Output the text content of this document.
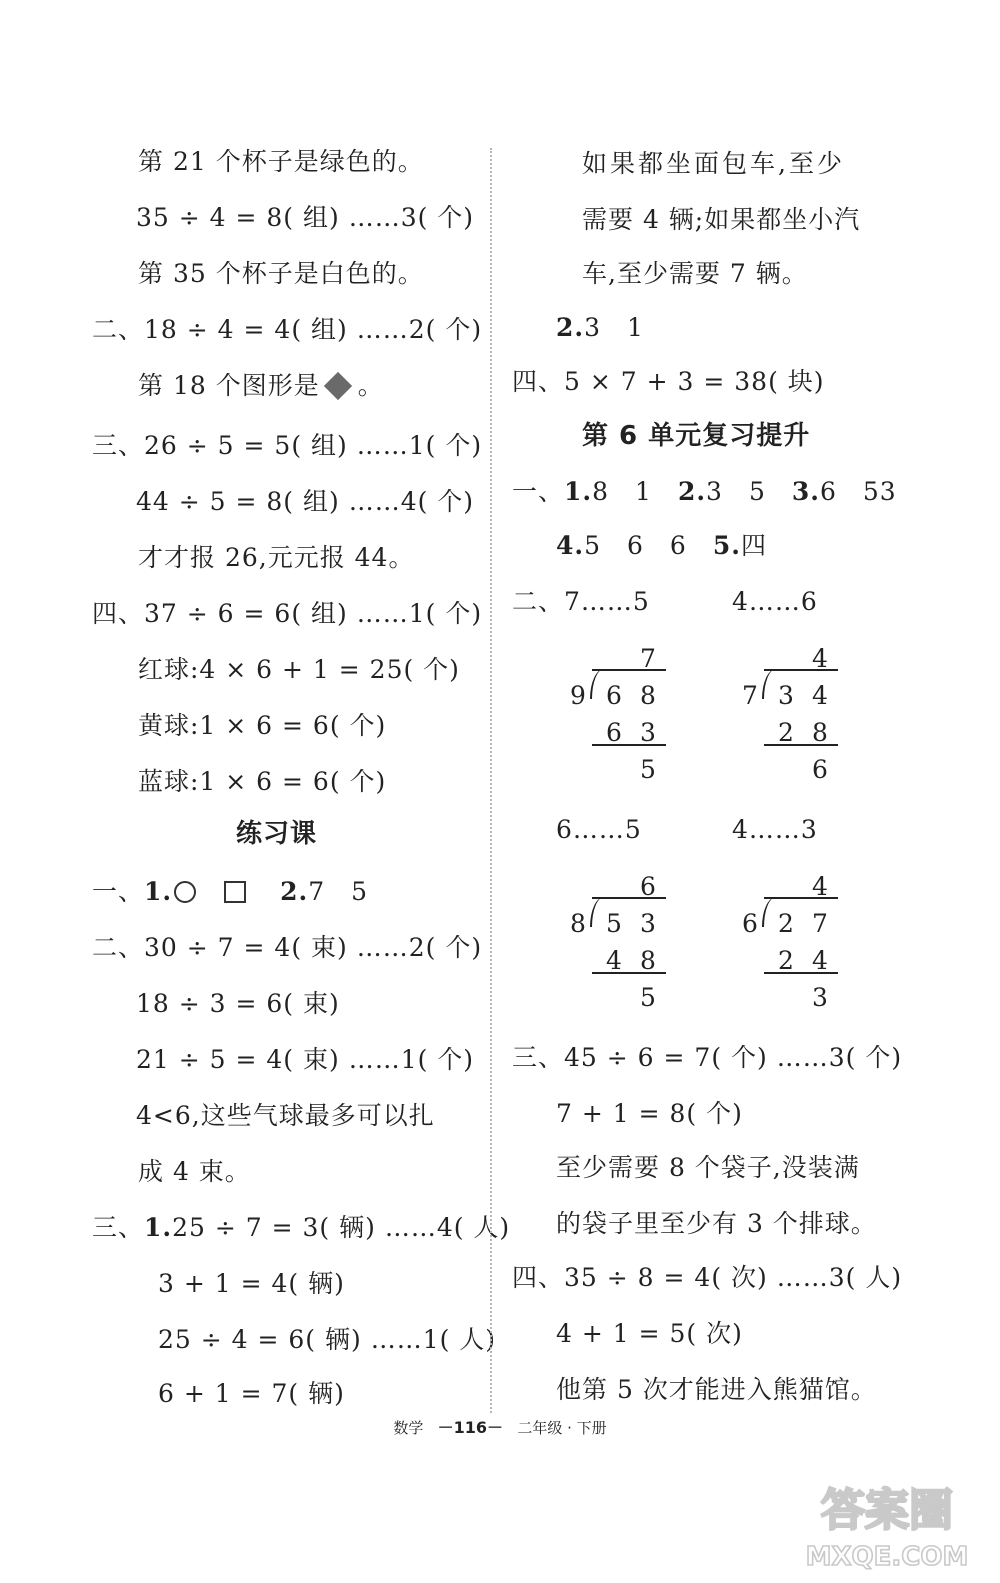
第 21 个杯子是绿色的。
35 ÷ 4 = 8( 组) ……3( 个)
第 35 个杯子是白色的。
二、18 ÷ 4 = 4( 组) ……2( 个)
第 18 个图形是 。
三、26 ÷ 5 = 5( 组) ……1( 个)
44 ÷ 5 = 8( 组) ……4( 个)
才才报 26,元元报 44。
四、37 ÷ 6 = 6( 组) ……1( 个)
红球:4 × 6 + 1 = 25( 个)
黄球:1 × 6 = 6( 个)
蓝球:1 × 6 = 6( 个)
练习课
一、1.	2.7　5
二、30 ÷ 7 = 4( 束) ……2( 个)
18 ÷ 3 = 6( 束)
21 ÷ 5 = 4( 束) ……1( 个)
4<6,这些气球最多可以扎
成 4 束。
三、1.25 ÷ 7 = 3( 辆) ……4( 人)
3 + 1 = 4( 辆)
25 ÷ 4 = 6( 辆) ……1( 人)
6 + 1 = 7( 辆)
如果都坐面包车,至少
需要 4 辆;如果都坐小汽
车,至少需要 7 辆。
2.3　1
四、5 × 7 + 3 = 38( 块)
第 6 单元复习提升
一、1.8　1　2.3　5　3.6　53
4.5　6　6　5.四
二、7……5	4……6
7
9 6 8
6 3
5
4
7 3 4
2 8
6
6……5	4……3
6
8 5 3
4 8
5
4
6 2 7
2 4
3
三、45 ÷ 6 = 7( 个) ……3( 个)
7 + 1 = 8( 个)
至少需要 8 个袋子,没装满
的袋子里至少有 3 个排球。
四、35 ÷ 8 = 4( 次) ……3( 人)
4 + 1 = 5( 次)
他第 5 次才能进入熊猫馆。
数学 －116－ 二年级 · 下册
答案圈
MXQE.COM
